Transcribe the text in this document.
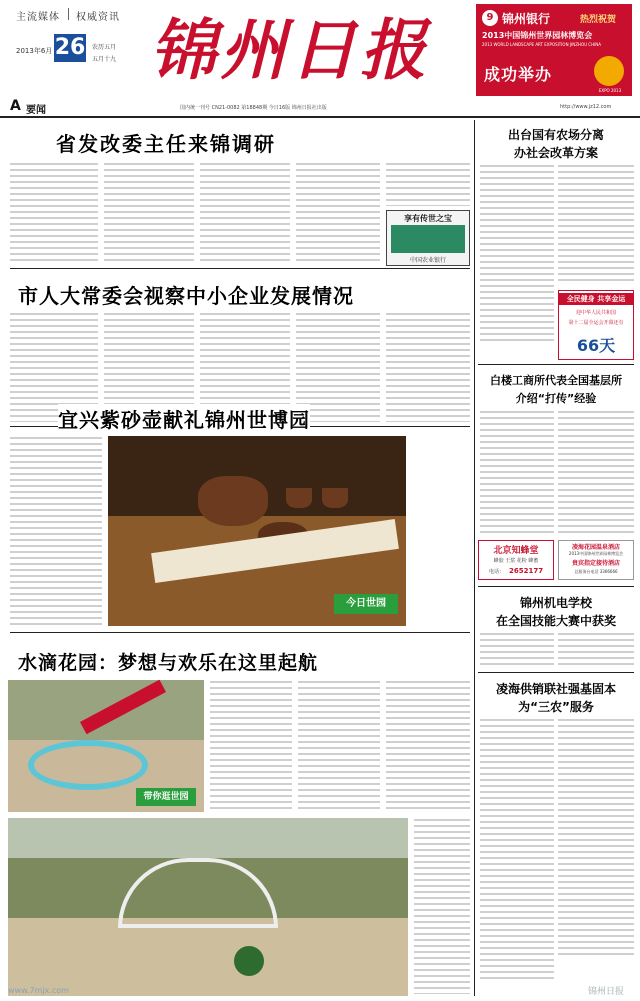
主流媒体 权威资讯
26
2013年6月	农历五月
五月十九 锦州日报	9 锦州银行	热烈祝贺
2013中国锦州世界园林博览会
2013 WORLD LANDSCAPE ART EXPOSITION JINZHOU CHINA
成功举办
EXPO 2013
A 要闻	国内统一刊号 CN21-0082 第18848期 今日16版 锦州日报社出版	http://www.jz12.com
省发改委主任来锦调研
市人大常委会视察中小企业发展情况
享有传世之宝
中国农业银行
宜兴紫砂壶献礼锦州世博园
今日世园
水滴花园：梦想与欢乐在这里起航
带你逛世园
出台国有农场分离
办社会改革方案
全民健身 共享金运
迎中华人民共和国
第十二届全运会开幕还有
66天
白楼工商所代表全国基层所
介绍“打传”经验
北京知蜂堂
蜂胶 王浆 花粉 蜂蜜
电话： 2652177
凌海花园温泉酒店
2013中国锦州世界园林博览会
贵宾指定接待酒店
总服务台电话 3366666
锦州机电学校
在全国技能大赛中获奖
凌海供销联社强基固本
为“三农”服务
www.7mjx.com	锦州日报
